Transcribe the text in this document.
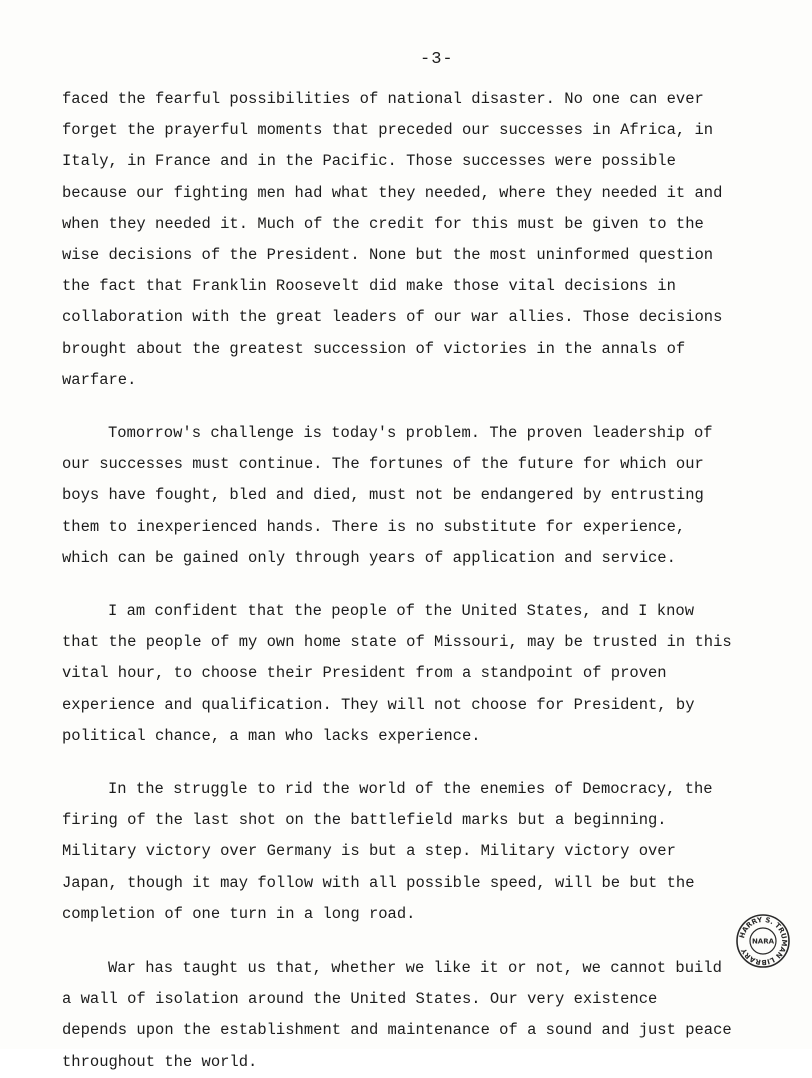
-3-

faced the fearful possibilities of national disaster. No one can ever
forget the prayerful moments that preceded our successes in Africa, in
Italy, in France and in the Pacific. Those successes were possible
because our fighting men had what they needed, where they needed it and
when they needed it. Much of the credit for this must be given to the
wise decisions of the President. None but the most uninformed question
the fact that Franklin Roosevelt did make those vital decisions in
collaboration with the great leaders of our war allies. Those decisions
brought about the greatest succession of victories in the annals of
warfare.

Tomorrow's challenge is today's problem. The proven leadership of
our successes must continue. The fortunes of the future for which our
boys have fought, bled and died, must not be endangered by entrusting
them to inexperienced hands. There is no substitute for experience,
which can be gained only through years of application and service.

I am confident that the people of the United States, and I know
that the people of my own home state of Missouri, may be trusted in this
vital hour, to choose their President from a standpoint of proven
experience and qualification. They will not choose for President, by
political chance, a man who lacks experience.

In the struggle to rid the world of the enemies of Democracy, the
firing of the last shot on the battlefield marks but a beginning.
Military victory over Germany is but a step. Military victory over
Japan, though it may follow with all possible speed, will be but the
completion of one turn in a long road.

War has taught us that, whether we like it or not, we cannot build
a wall of isolation around the United States. Our very existence
depends upon the establishment and maintenance of a sound and just peace
throughout the world.

HARRY S. TRUMAN LIBRARY
NARA
